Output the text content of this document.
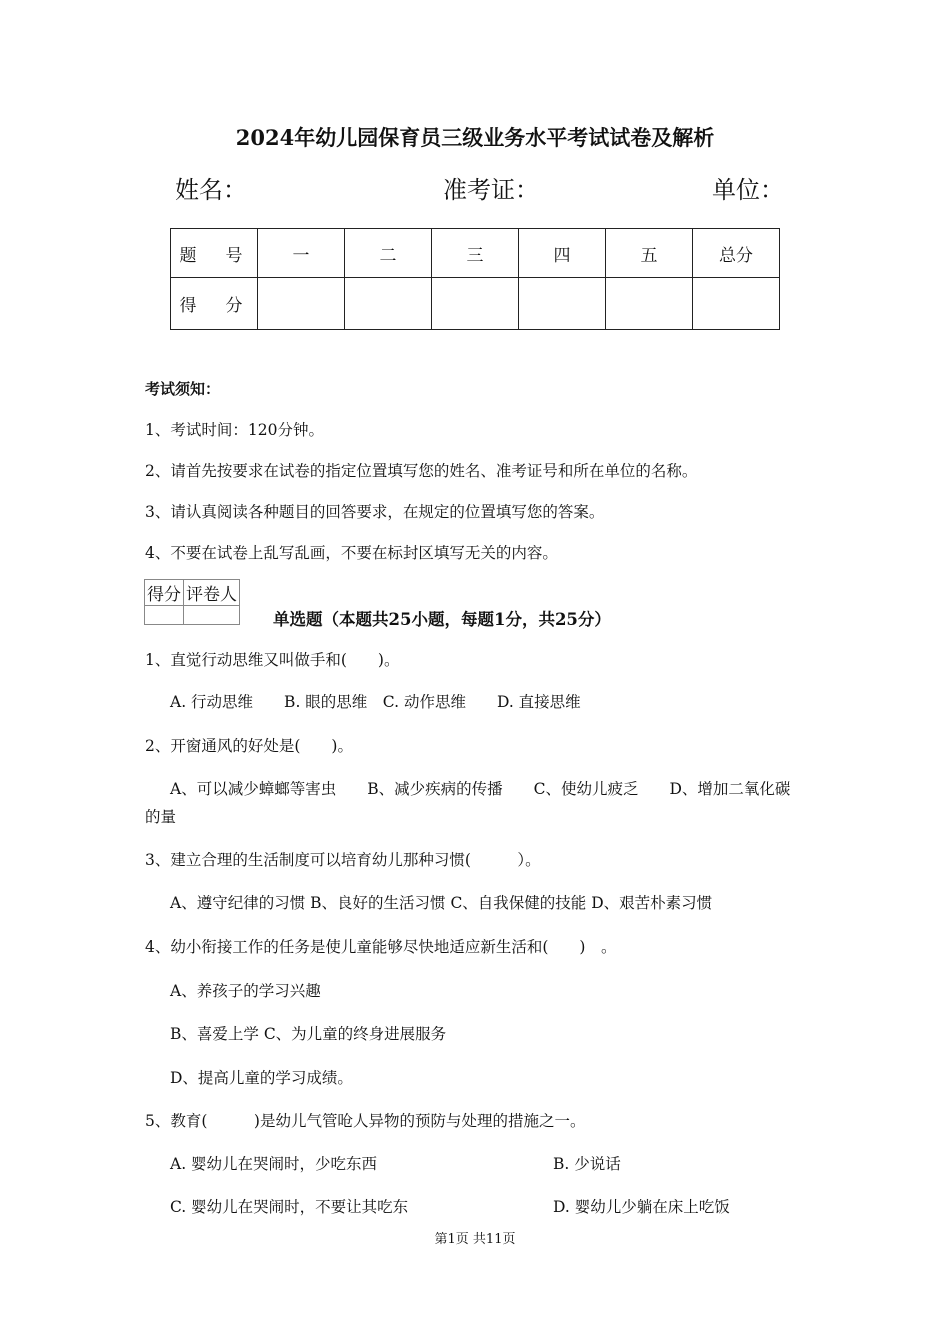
2024年幼儿园保育员三级业务水平考试试卷及解析
姓名：	准考证：	单位：
题　号	一	二	三	四	五	总分
得　分						
考试须知：
1、考试时间：120分钟。
2、请首先按要求在试卷的指定位置填写您的姓名、准考证号和所在单位的名称。
3、请认真阅读各种题目的回答要求，在规定的位置填写您的答案。
4、不要在试卷上乱写乱画，不要在标封区填写无关的内容。
得分	评卷人

单选题（本题共25小题，每题1分，共25分）
1、直觉行动思维又叫做手和(　　)。
A. 行动思维　　B. 眼的思维　C. 动作思维　　D. 直接思维
2、开窗通风的好处是(　　)。
A、可以减少蟑螂等害虫　　B、减少疾病的传播　　C、使幼儿疲乏　　D、增加二氧化碳
的量
3、建立合理的生活制度可以培育幼儿那种习惯(　　　）。
A、遵守纪律的习惯 B、良好的生活习惯 C、自我保健的技能 D、艰苦朴素习惯
4、幼小衔接工作的任务是使儿童能够尽快地适应新生活和(　　)　。
A、养孩子的学习兴趣
B、喜爱上学 C、为儿童的终身进展服务
D、提高儿童的学习成绩。
5、教育(　　　)是幼儿气管呛人异物的预防与处理的措施之一。
A. 婴幼儿在哭闹时，少吃东西	B. 少说话
C. 婴幼儿在哭闹时，不要让其吃东	D. 婴幼儿少躺在床上吃饭
第1页 共11页
